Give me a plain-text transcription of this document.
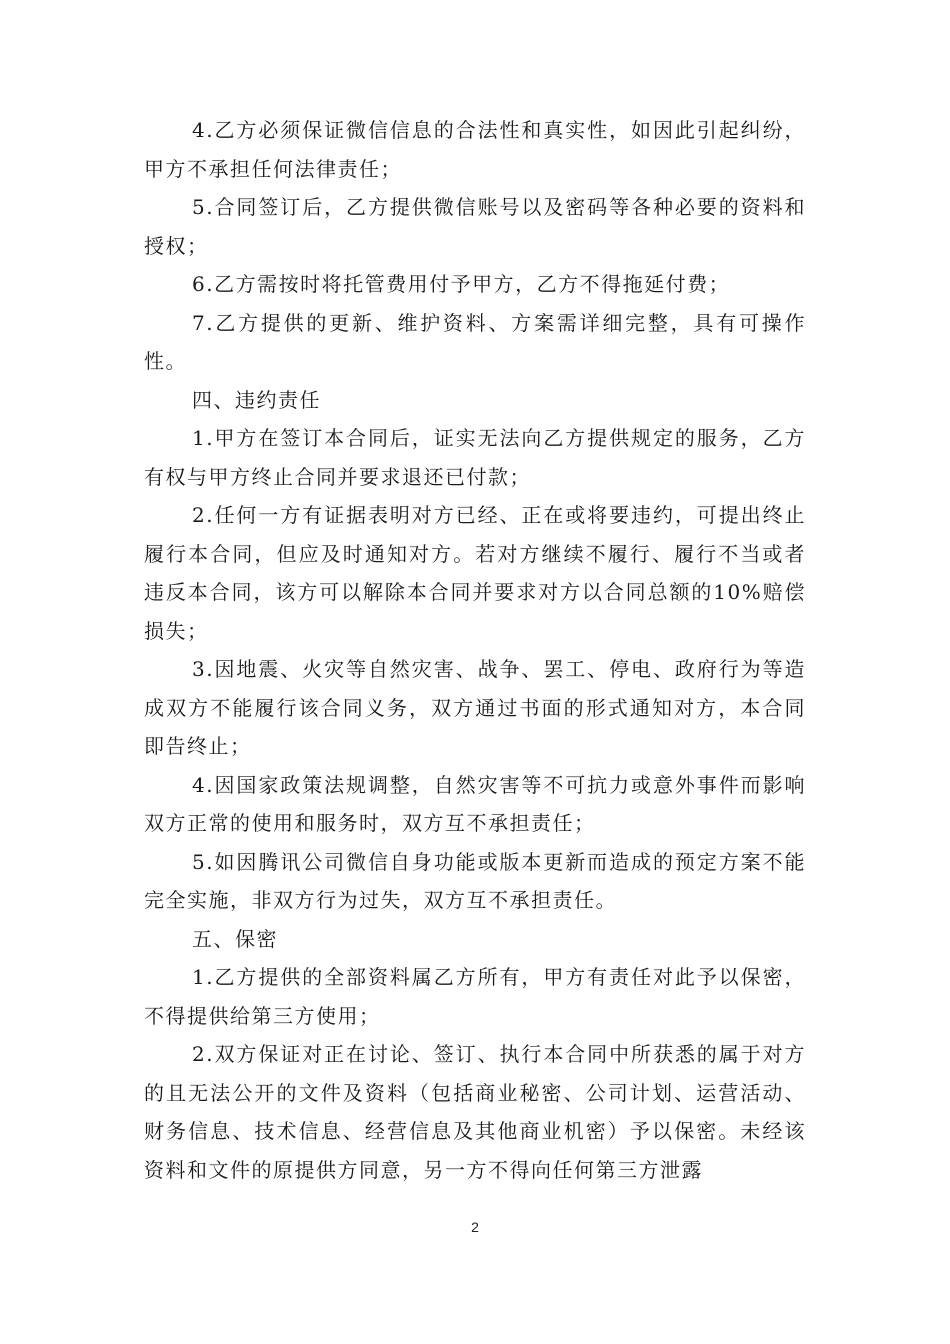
4.乙方必须保证微信信息的合法性和真实性，如因此引起纠纷，甲方不承担任何法律责任；

5.合同签订后，乙方提供微信账号以及密码等各种必要的资料和授权；

6.乙方需按时将托管费用付予甲方，乙方不得拖延付费；

7.乙方提供的更新、维护资料、方案需详细完整，具有可操作性。

四、违约责任

1.甲方在签订本合同后，证实无法向乙方提供规定的服务，乙方有权与甲方终止合同并要求退还已付款；

2.任何一方有证据表明对方已经、正在或将要违约，可提出终止履行本合同，但应及时通知对方。若对方继续不履行、履行不当或者违反本合同，该方可以解除本合同并要求对方以合同总额的10%赔偿损失；

3.因地震、火灾等自然灾害、战争、罢工、停电、政府行为等造成双方不能履行该合同义务，双方通过书面的形式通知对方，本合同即告终止；

4.因国家政策法规调整，自然灾害等不可抗力或意外事件而影响双方正常的使用和服务时，双方互不承担责任；

5.如因腾讯公司微信自身功能或版本更新而造成的预定方案不能完全实施，非双方行为过失，双方互不承担责任。

五、保密

1.乙方提供的全部资料属乙方所有，甲方有责任对此予以保密，不得提供给第三方使用；

2.双方保证对正在讨论、签订、执行本合同中所获悉的属于对方的且无法公开的文件及资料（包括商业秘密、公司计划、运营活动、财务信息、技术信息、经营信息及其他商业机密）予以保密。未经该资料和文件的原提供方同意，另一方不得向任何第三方泄露

2
